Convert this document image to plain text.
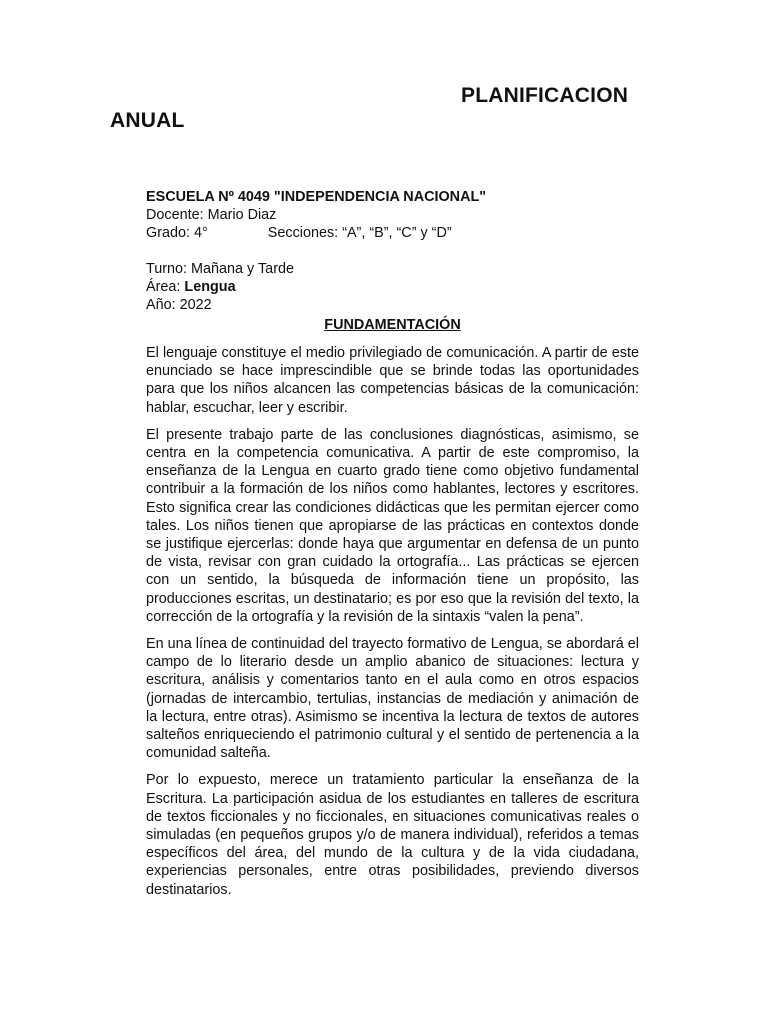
PLANIFICACION
ANUAL
ESCUELA Nº 4049 "INDEPENDENCIA NACIONAL"
Docente: Mario Diaz
Grado: 4°	Secciones: “A”, “B”, “C” y “D”
Turno: Mañana y Tarde
Área: Lengua
Año: 2022
FUNDAMENTACIÓN

El lenguaje constituye el medio privilegiado de comunicación. A partir de este enunciado se hace imprescindible que se brinde todas las oportunidades para que los niños alcancen las competencias básicas de la comunicación: hablar, escuchar, leer y escribir.

El presente trabajo parte de las conclusiones diagnósticas, asimismo, se centra en la competencia comunicativa. A partir de este compromiso, la enseñanza de la Lengua en cuarto grado tiene como objetivo fundamental contribuir a la formación de los niños como hablantes, lectores y escritores. Esto significa crear las condiciones didácticas que les permitan ejercer como tales. Los niños tienen que apropiarse de las prácticas en contextos donde se justifique ejercerlas: donde haya que argumentar en defensa de un punto de vista, revisar con gran cuidado la ortografía... Las prácticas se ejercen con un sentido, la búsqueda de información tiene un propósito, las producciones escritas, un destinatario; es por eso que la revisión del texto, la corrección de la ortografía y la revisión de la sintaxis “valen la pena”.

En una línea de continuidad del trayecto formativo de Lengua, se abordará el campo de lo literario desde un amplio abanico de situaciones: lectura y escritura, análisis y comentarios tanto en el aula como en otros espacios (jornadas de intercambio, tertulias, instancias de mediación y animación de la lectura, entre otras). Asimismo se incentiva la lectura de textos de autores salteños enriqueciendo el patrimonio cultural y el sentido de pertenencia a la comunidad salteña.

Por lo expuesto, merece un tratamiento particular la enseñanza de la Escritura. La participación asidua de los estudiantes en talleres de escritura de textos ficcionales y no ficcionales, en situaciones comunicativas reales o simuladas (en pequeños grupos y/o de manera individual), referidos a temas específicos del área, del mundo de la cultura y de la vida ciudadana, experiencias personales, entre otras posibilidades, previendo diversos destinatarios.
